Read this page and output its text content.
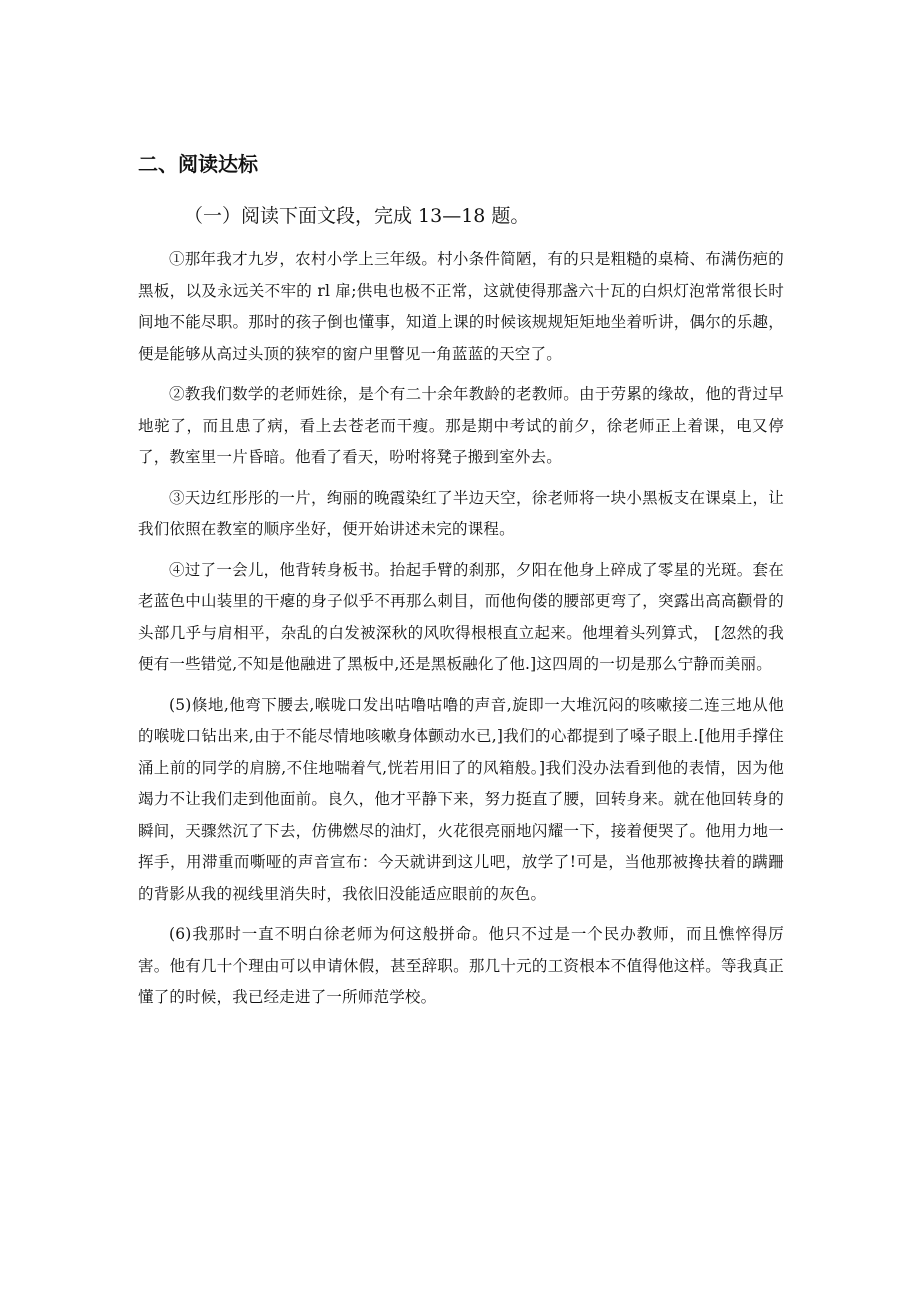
二、阅读达标

（一）阅读下面文段，完成 13—18 题。

①那年我才九岁，农村小学上三年级。村小条件简陋，有的只是粗糙的桌椅、布满伤疤的黑板，以及永远关不牢的 rl 扉;供电也极不正常，这就使得那盏六十瓦的白炽灯泡常常很长时间地不能尽职。那时的孩子倒也懂事，知道上课的时候该规规矩矩地坐着听讲，偶尔的乐趣，便是能够从高过头顶的狭窄的窗户里瞥见一角蓝蓝的天空了。

②教我们数学的老师姓徐，是个有二十余年教龄的老教师。由于劳累的缘故，他的背过早地驼了，而且患了病，看上去苍老而干瘦。那是期中考试的前夕，徐老师正上着课，电又停了，教室里一片昏暗。他看了看天，吩咐将凳子搬到室外去。

③天边红彤彤的一片，绚丽的晚霞染红了半边天空，徐老师将一块小黑板支在课桌上，让我们依照在教室的顺序坐好，便开始讲述未完的课程。

④过了一会儿，他背转身板书。抬起手臂的刹那，夕阳在他身上碎成了零星的光斑。套在老蓝色中山装里的干瘪的身子似乎不再那么刺目，而他佝偻的腰部更弯了，突露出高高颧骨的头部几乎与肩相平，杂乱的白发被深秋的风吹得根根直立起来。他埋着头列算式， [忽然的我便有一些错觉,不知是他融进了黑板中,还是黑板融化了他.]这四周的一切是那么宁静而美丽。

(5)倏地,他弯下腰去,喉咙口发出咕噜咕噜的声音,旋即一大堆沉闷的咳嗽接二连三地从他的喉咙口钻出来,由于不能尽情地咳嗽身体颤动水已,]我们的心都提到了嗓子眼上.[他用手撑住涌上前的同学的肩膀,不住地喘着气,恍若用旧了的风箱般。]我们没办法看到他的表情，因为他竭力不让我们走到他面前。良久，他才平静下来，努力挺直了腰，回转身来。就在他回转身的瞬间，天骤然沉了下去，仿佛燃尽的油灯，火花很亮丽地闪耀一下，接着便哭了。他用力地一挥手，用滞重而嘶哑的声音宣布：今天就讲到这儿吧，放学了!可是，当他那被搀扶着的蹒跚的背影从我的视线里消失时，我依旧没能适应眼前的灰色。

(6)我那时一直不明白徐老师为何这般拼命。他只不过是一个民办教师，而且憔悴得厉害。他有几十个理由可以申请休假，甚至辞职。那几十元的工资根本不值得他这样。等我真正懂了的时候，我已经走进了一所师范学校。
